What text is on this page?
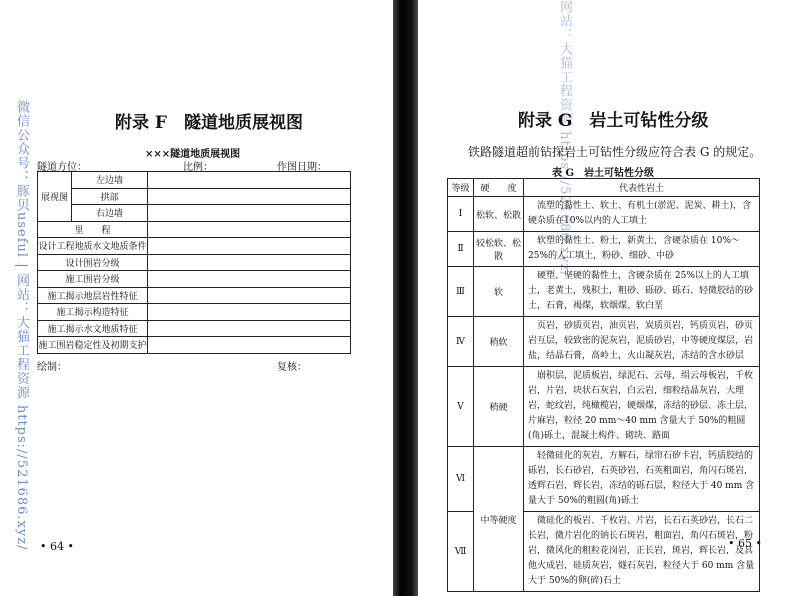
微信公众号：豚贝useful | 网站：大猫工程资源 https://521686.xyz/	附录 F　隧道地质展视图
×××隧道地质展视图
隧道方位：	比例：	作图日期：
展视图	左边墙	
	拱部	
	右边墙	
里　　程		
设计工程地质水文地质条件		
设计围岩分级		
施工围岩分级		
施工揭示地层岩性特征		
施工揭示构造特征		
施工揭示水文地质特征		
施工围岩稳定性及初期支护		
绘制：	复核：
• 64 •
网站：大猫工程资源 https://521686.xyz/
附录 G　岩土可钻性分级
铁路隧道超前钻探岩土可钻性分级应符合表 G 的规定。
表 G　岩土可钻性分级
• 65 •
等级	硬　　度	代表性岩土
Ⅰ	松软、松散	流塑的黏性土、软土、有机土(淤泥、泥炭、耕土)，含硬杂质在10%以内的人工填土
Ⅱ	较松软、松散	软塑的黏性土、粉土，新黄土，含硬杂质在 10%～25%的人工填土，粉砂、细砂、中砂
Ⅲ	软	硬塑、坚硬的黏性土，含硬杂质在 25%以上的人工填土，老黄土，残积土，粗砂、砾砂、砾石、轻微胶结的砂土，石膏，褐煤，软烟煤、软白垩
Ⅳ	稍软	页岩，砂质页岩，油页岩，炭质页岩，钙质页岩，砂页岩互层，较致密的泥灰岩，泥质砂岩，中等硬度煤层，岩盐，结晶石膏，高岭土，火山凝灰岩，冻结的含水砂层
Ⅴ	稍硬	崩积层，泥质板岩，绿泥石、云母，绢云母板岩，千枚岩，片岩，块状石灰岩，白云岩，细粒结晶灰岩，大理岩，蛇纹岩，纯橄榄岩，硬烟煤，冻结的砂层、冻土层，片麻岩，粒径 20 mm～40 mm 含量大于 50%的粗圆(角)砾土，混凝土构件、砌块、路面
Ⅵ	中等硬度	轻微硅化的灰岩，方解石，绿帘石矽卡岩，钙质胶结的砾岩，长石砂岩，石英砂岩，石英粗面岩，角闪石斑岩，透辉石岩，辉长岩，冻结的砾石层，粒径大于 40 mm 含量大于 50%的粗圆(角)砾土
Ⅶ		微硅化的板岩、千枚岩、片岩，长石石英砂岩，长石二长岩，微片岩化的钠长石斑岩，粗面岩，角闪石斑岩，粉岩，微风化的粗粒花岗岩，正长岩，斑岩，辉长岩，及其他火成岩，硅质灰岩，燧石灰岩，粒径大于 60 mm 含量大于 50%的卵(碎)石土
